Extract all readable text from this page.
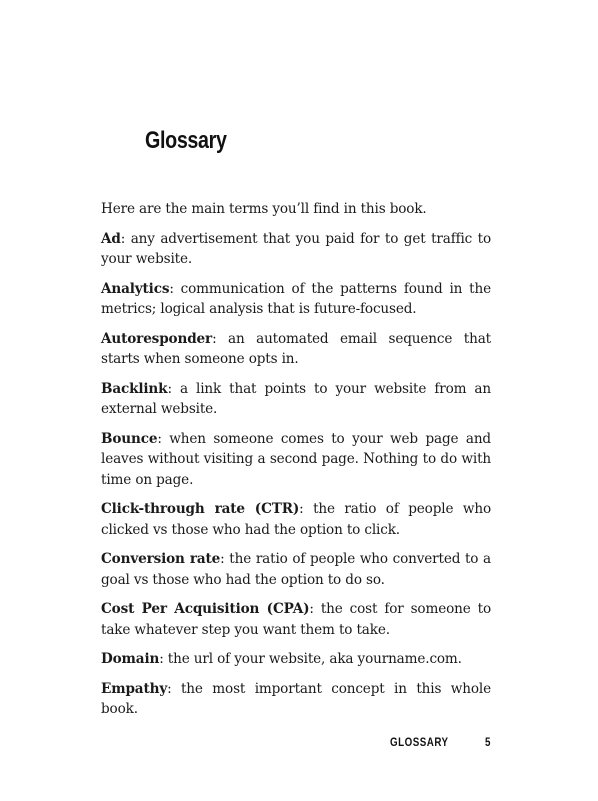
Glossary

Here are the main terms you’ll find in this book.

Ad: any advertisement that you paid for to get traffic to your website.

Analytics: communication of the patterns found in the metrics; logical analysis that is future-focused.

Autoresponder: an automated email sequence that starts when someone opts in.

Backlink: a link that points to your website from an external website.

Bounce: when someone comes to your web page and leaves without visiting a second page. Nothing to do with time on page.

Click-through rate (CTR): the ratio of people who clicked vs those who had the option to click.

Conversion rate: the ratio of people who converted to a goal vs those who had the option to do so.

Cost Per Acquisition (CPA): the cost for someone to take whatever step you want them to take.

Domain: the url of your website, aka yourname.com.

Empathy: the most important concept in this whole book.

GLOSSARY	5
